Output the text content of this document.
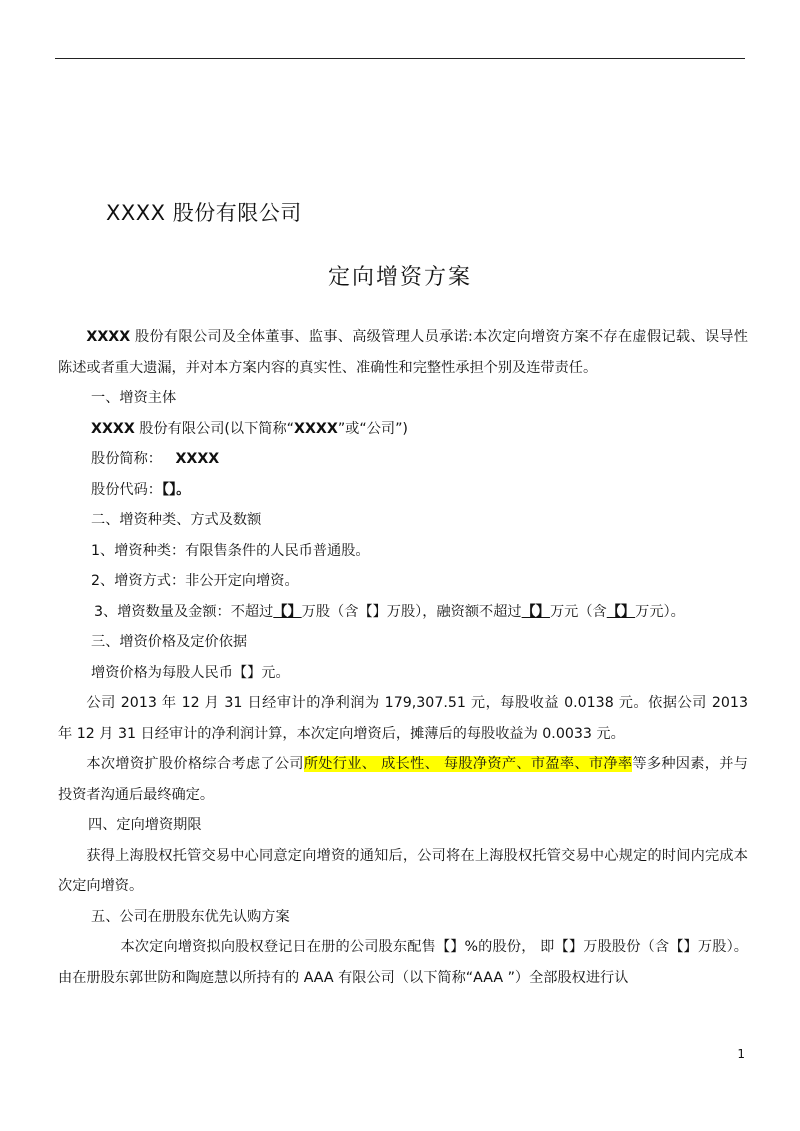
XXXX 股份有限公司
定向增资方案

XXXX 股份有限公司及全体董事、监事、高级管理人员承诺:本次定向增资方案不存在虚假记载、误导性陈述或者重大遗漏，并对本方案内容的真实性、准确性和完整性承担个别及连带责任。

一、增资主体

XXXX 股份有限公司(以下简称“XXXX”或“公司”)

股份简称： XXXX

股份代码：【】。

二、增资种类、方式及数额

1、增资种类：有限售条件的人民币普通股。

2、增资方式：非公开定向增资。

3、增资数量及金额：不超过【】万股（含【】万股），融资额不超过【】万元（含【】万元）。

三、增资价格及定价依据

增资价格为每股人民币【】元。

公司 2013 年 12 月 31 日经审计的净利润为 179,307.51 元，每股收益 0.0138 元。依据公司 2013 年 12 月 31 日经审计的净利润计算，本次定向增资后，摊薄后的每股收益为 0.0033 元。

本次增资扩股价格综合考虑了公司所处行业、 成长性、 每股净资产、市盈率、市净率等多种因素，并与投资者沟通后最终确定。

四、定向增资期限

获得上海股权托管交易中心同意定向增资的通知后，公司将在上海股权托管交易中心规定的时间内完成本次定向增资。

五、公司在册股东优先认购方案

本次定向增资拟向股权登记日在册的公司股东配售【】%的股份， 即【】万股股份（含【】万股）。由在册股东郭世防和陶庭慧以所持有的 AAA 有限公司（以下简称“AAA ”）全部股权进行认

1
